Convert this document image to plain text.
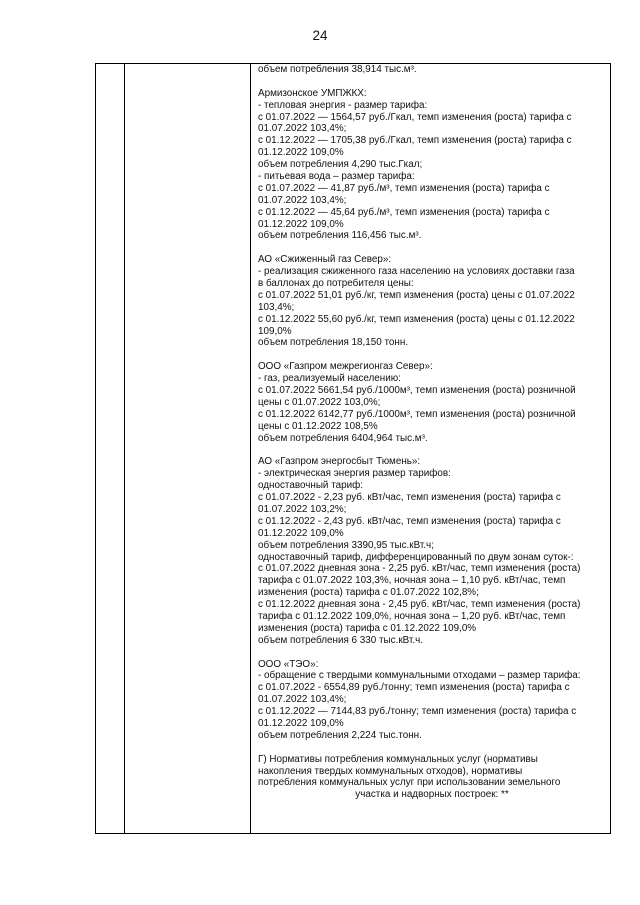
24
объем потребления 38,914 тыс.м³.
Армизонское УМПЖКХ:
- тепловая энергия - размер тарифа:
с 01.07.2022 — 1564,57 руб./Гкал, темп изменения (роста) тарифа с
01.07.2022 103,4%;
с 01.12.2022 — 1705,38 руб./Гкал, темп изменения (роста) тарифа с
01.12.2022 109,0%
объем потребления 4,290 тыс.Гкал;
- питьевая вода – размер тарифа:
с 01.07.2022 — 41,87 руб./м³, темп изменения (роста) тарифа с
01.07.2022 103,4%;
с 01.12.2022 — 45,64 руб./м³, темп изменения (роста) тарифа с
01.12.2022 109,0%
объем потребления 116,456 тыс.м³.
АО «Сжиженный газ Север»:
- реализация сжиженного газа населению на условиях доставки газа
в баллонах до потребителя цены:
с 01.07.2022 51,01 руб./кг, темп изменения (роста) цены с 01.07.2022
103,4%;
с 01.12.2022 55,60 руб./кг, темп изменения (роста) цены с 01.12.2022
109,0%
объем потребления 18,150 тонн.
ООО «Газпром межрегионгаз Север»:
- газ, реализуемый населению:
с 01.07.2022 5661,54 руб./1000м³, темп изменения (роста) розничной
цены с 01.07.2022 103,0%;
с 01.12.2022 6142,77 руб./1000м³, темп изменения (роста) розничной
цены с 01.12.2022 108,5%
объем потребления 6404,964 тыс.м³.
АО «Газпром энергосбыт Тюмень»:
- электрическая энергия размер тарифов:
одноставочный тариф:
с 01.07.2022 - 2,23 руб. кВт/час, темп изменения (роста) тарифа с
01.07.2022 103,2%;
с 01.12.2022 - 2,43 руб. кВт/час, темп изменения (роста) тарифа с
01.12.2022 109,0%
объем потребления 3390,95 тыс.кВт.ч;
одноставочный тариф, дифференцированный по двум зонам суток-:
с 01.07.2022 дневная зона - 2,25 руб. кВт/час, темп изменения (роста)
тарифа с 01.07.2022 103,3%, ночная зона – 1,10 руб. кВт/час, темп
изменения (роста) тарифа с 01.07.2022 102,8%;
с 01.12.2022 дневная зона - 2,45 руб. кВт/час, темп изменения (роста)
тарифа с 01.12.2022 109,0%, ночная зона – 1,20 руб. кВт/час, темп
изменения (роста) тарифа с 01.12.2022 109,0%
объем потребления 6 330 тыс.кВт.ч.
ООО «ТЭО»:
- обращение с твердыми коммунальными отходами – размер тарифа:
с 01.07.2022 - 6554,89 руб./тонну; темп изменения (роста) тарифа с
01.07.2022 103,4%;
с 01.12.2022 — 7144,83 руб./тонну; темп изменения (роста) тарифа с
01.12.2022 109,0%
объем потребления 2,224 тыс.тонн.
Г) Нормативы потребления коммунальных услуг (нормативы
накопления твердых коммунальных отходов), нормативы
потребления коммунальных услуг при использовании земельного
участка и надворных построек: **
